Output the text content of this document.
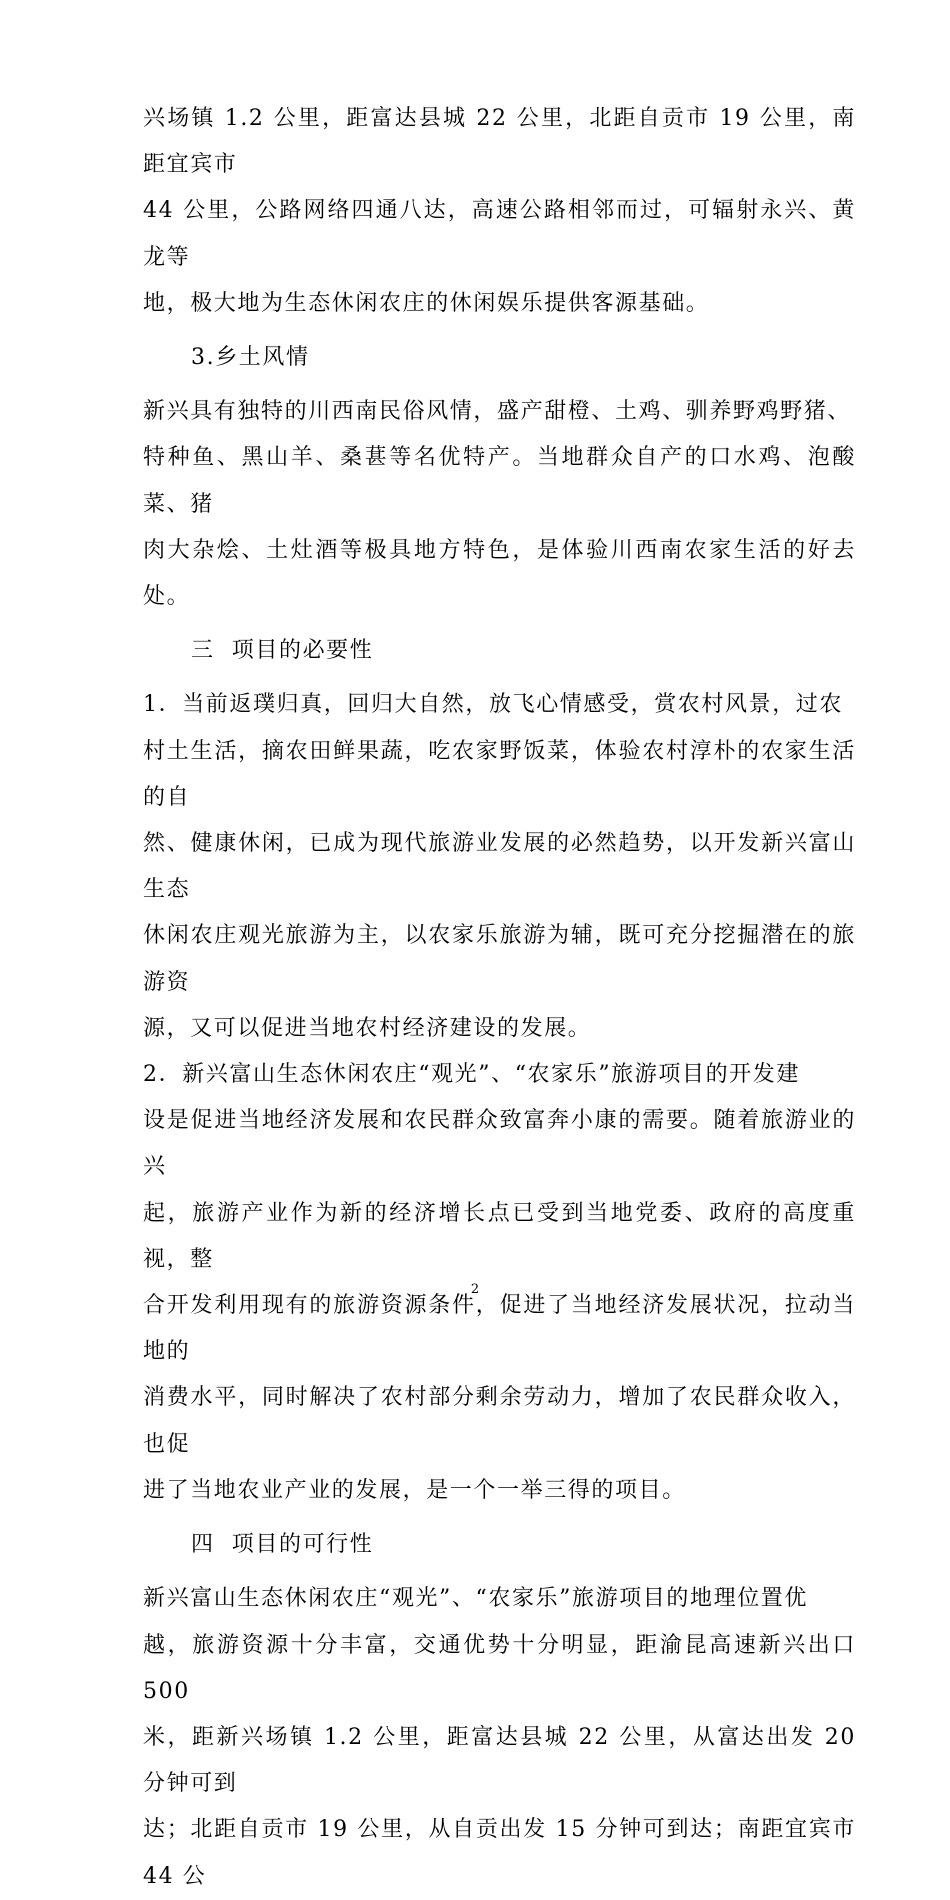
兴场镇 1.2 公里，距富达县城 22 公里，北距自贡市 19 公里，南距宜宾市
44 公里，公路网络四通八达，高速公路相邻而过，可辐射永兴、黄龙等
地，极大地为生态休闲农庄的休闲娱乐提供客源基础。

3.乡土风情

新兴具有独特的川西南民俗风情，盛产甜橙、土鸡、驯养野鸡野猪、
特种鱼、黑山羊、桑葚等名优特产。当地群众自产的口水鸡、泡酸菜、猪
肉大杂烩、土灶酒等极具地方特色，是体验川西南农家生活的好去处。

三  项目的必要性

1．当前返璞归真，回归大自然，放飞心情感受，赏农村风景，过农
村土生活，摘农田鲜果蔬，吃农家野饭菜，体验农村淳朴的农家生活的自
然、健康休闲，已成为现代旅游业发展的必然趋势，以开发新兴富山生态
休闲农庄观光旅游为主，以农家乐旅游为辅，既可充分挖掘潜在的旅游资
源，又可以促进当地农村经济建设的发展。

2．新兴富山生态休闲农庄“观光”、“农家乐”旅游项目的开发建
设是促进当地经济发展和农民群众致富奔小康的需要。随着旅游业的兴
起，旅游产业作为新的经济增长点已受到当地党委、政府的高度重视，整
合开发利用现有的旅游资源条件，促进了当地经济发展状况，拉动当地的
消费水平，同时解决了农村部分剩余劳动力，增加了农民群众收入，也促
进了当地农业产业的发展，是一个一举三得的项目。

四  项目的可行性

新兴富山生态休闲农庄“观光”、“农家乐”旅游项目的地理位置优
越，旅游资源十分丰富，交通优势十分明显，距渝昆高速新兴出口 500
米，距新兴场镇 1.2 公里，距富达县城 22 公里，从富达出发 20 分钟可到
达；北距自贡市 19 公里，从自贡出发 15 分钟可到达；南距宜宾市 44 公

2
